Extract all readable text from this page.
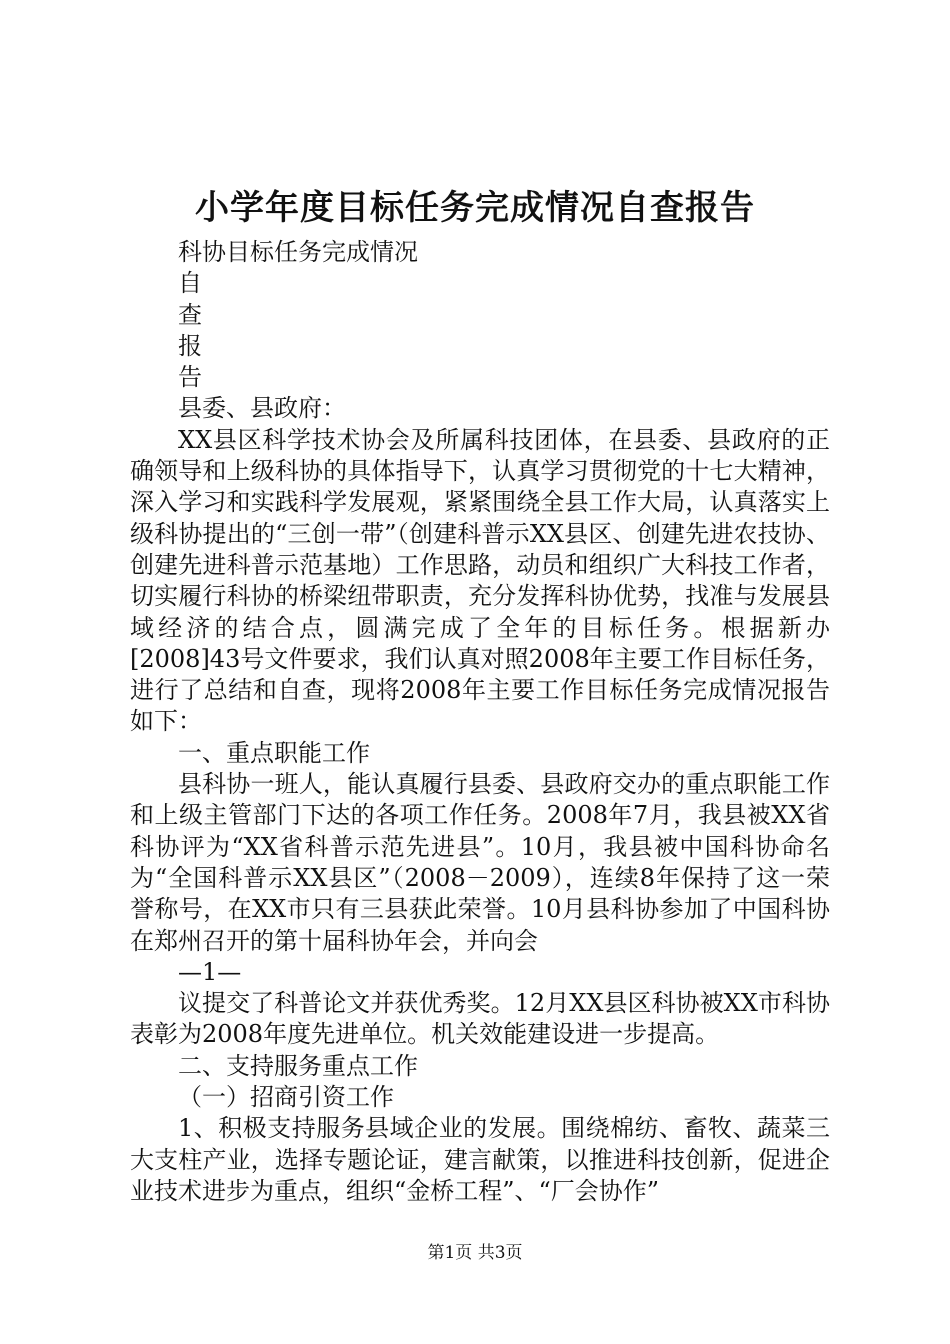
小学年度目标任务完成情况自查报告

科协目标任务完成情况

自

查

报

告

县委、县政府：

XX县区科学技术协会及所属科技团体，在县委、县政府的正确领导和上级科协的具体指导下，认真学习贯彻党的十七大精神，深入学习和实践科学发展观，紧紧围绕全县工作大局，认真落实上级科协提出的“三创一带”（创建科普示XX县区、创建先进农技协、创建先进科普示范基地）工作思路，动员和组织广大科技工作者，切实履行科协的桥梁纽带职责，充分发挥科协优势，找准与发展县域经济的结合点，圆满完成了全年的目标任务。根据新办[2008]43号文件要求，我们认真对照2008年主要工作目标任务，进行了总结和自查，现将2008年主要工作目标任务完成情况报告如下：

一、重点职能工作

县科协一班人，能认真履行县委、县政府交办的重点职能工作和上级主管部门下达的各项工作任务。2008年7月，我县被XX省科协评为“XX省科普示范先进县”。10月，我县被中国科协命名为“全国科普示XX县区”（2008－2009），连续8年保持了这一荣誉称号，在XX市只有三县获此荣誉。10月县科协参加了中国科协在郑州召开的第十届科协年会，并向会

—1—

议提交了科普论文并获优秀奖。12月XX县区科协被XX市科协表彰为2008年度先进单位。机关效能建设进一步提高。

二、支持服务重点工作

（一）招商引资工作

1、积极支持服务县域企业的发展。围绕棉纺、畜牧、蔬菜三大支柱产业，选择专题论证，建言献策，以推进科技创新，促进企业技术进步为重点，组织“金桥工程”、“厂会协作”

第1页 共3页
